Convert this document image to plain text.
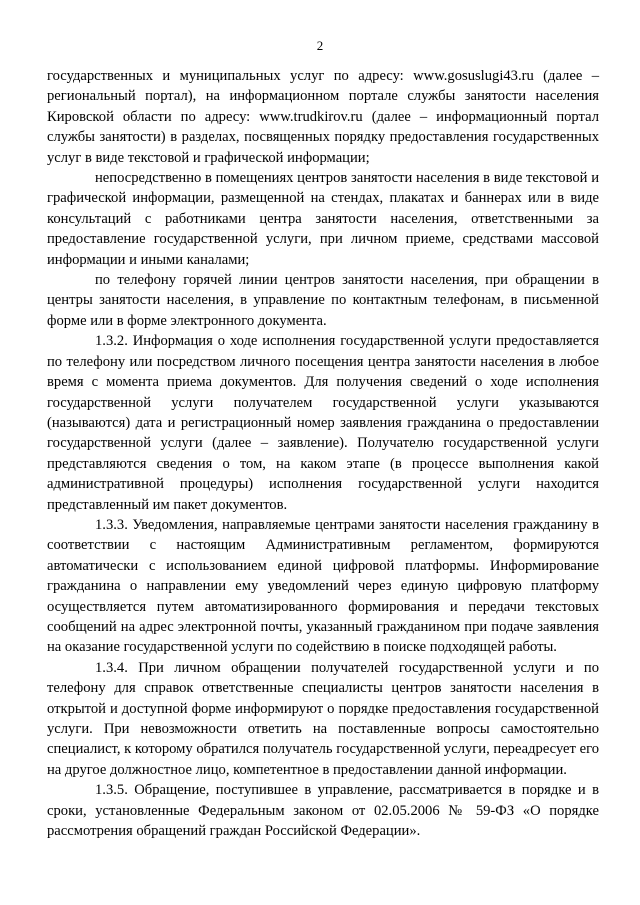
2

государственных и муниципальных услуг по адресу: www.gosuslugi43.ru (далее – региональный портал), на информационном портале службы занятости населения Кировской области по адресу: www.trudkirov.ru (далее – информационный портал службы занятости) в разделах, посвященных порядку предоставления государственных услуг в виде текстовой и графической информации;

непосредственно в помещениях центров занятости населения в виде текстовой и графической информации, размещенной на стендах, плакатах и баннерах или в виде консультаций с работниками центра занятости населения, ответственными за предоставление государственной услуги, при личном приеме, средствами массовой информации и иными каналами;

по телефону горячей линии центров занятости населения, при обращении в центры занятости населения, в управление по контактным телефонам, в письменной форме или в форме электронного документа.

1.3.2. Информация о ходе исполнения государственной услуги предоставляется по телефону или посредством личного посещения центра занятости населения в любое время с момента приема документов. Для получения сведений о ходе исполнения государственной услуги получателем государственной услуги указываются (называются) дата и регистрационный номер заявления гражданина о предоставлении государственной услуги (далее – заявление). Получателю государственной услуги представляются сведения о том, на каком этапе (в процессе выполнения какой административной процедуры) исполнения государственной услуги находится представленный им пакет документов.

1.3.3. Уведомления, направляемые центрами занятости населения гражданину в соответствии с настоящим Административным регламентом, формируются автоматически с использованием единой цифровой платформы. Информирование гражданина о направлении ему уведомлений через единую цифровую платформу осуществляется путем автоматизированного формирования и передачи текстовых сообщений на адрес электронной почты, указанный гражданином при подаче заявления на оказание государственной услуги по содействию в поиске подходящей работы.

1.3.4. При личном обращении получателей государственной услуги и по телефону для справок ответственные специалисты центров занятости населения в открытой и доступной форме информируют о порядке предоставления государственной услуги. При невозможности ответить на поставленные вопросы самостоятельно специалист, к которому обратился получатель государственной услуги, переадресует его на другое должностное лицо, компетентное в предоставлении данной информации.

1.3.5. Обращение, поступившее в управление, рассматривается в порядке и в сроки, установленные Федеральным законом от 02.05.2006 № 59-ФЗ «О порядке рассмотрения обращений граждан Российской Федерации».
